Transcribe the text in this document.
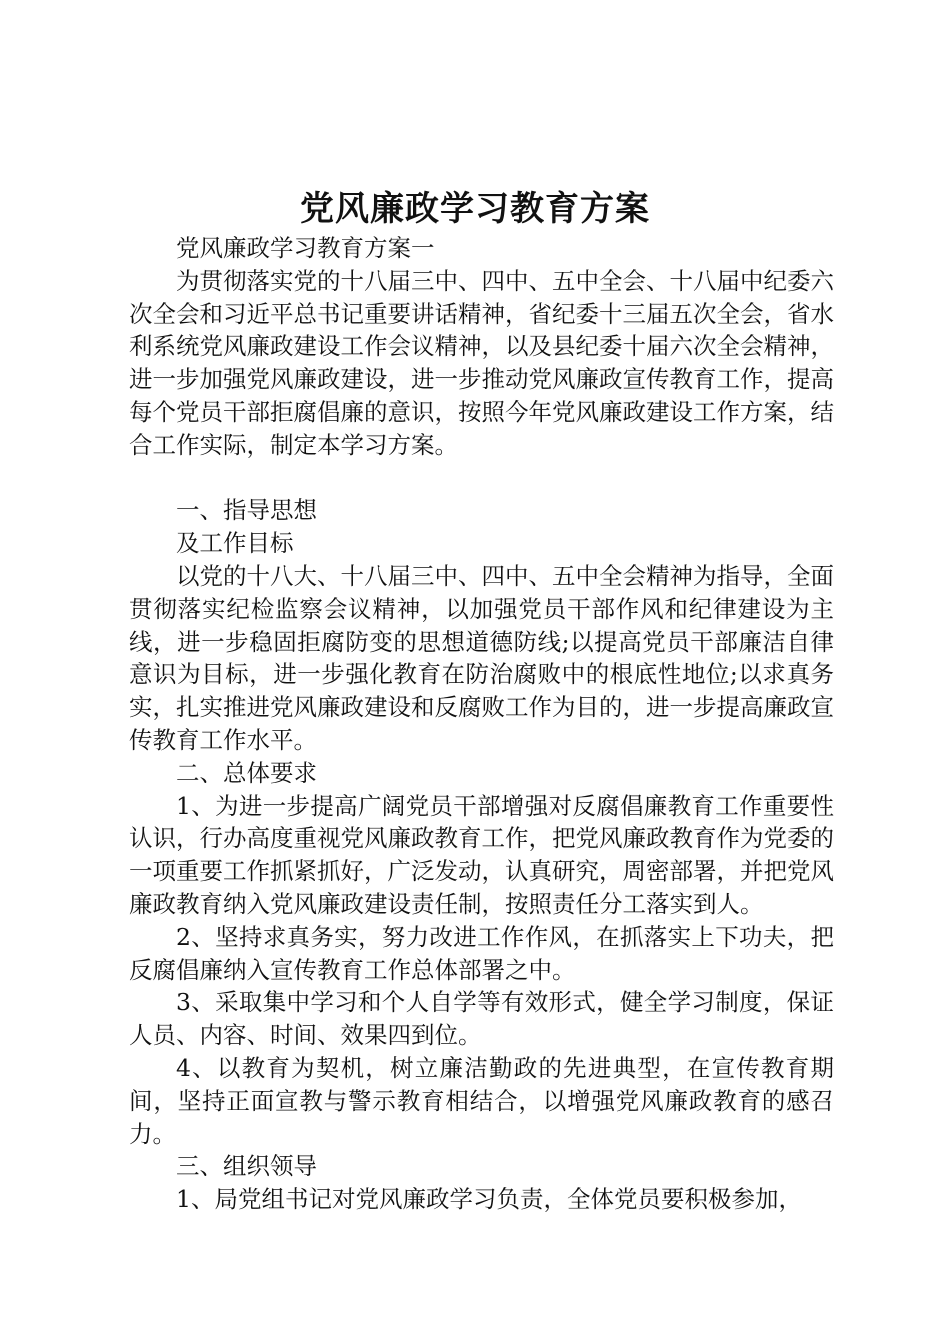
党风廉政学习教育方案

党风廉政学习教育方案一

为贯彻落实党的十八届三中、四中、五中全会、十八届中纪委六次全会和习近平总书记重要讲话精神，省纪委十三届五次全会，省水利系统党风廉政建设工作会议精神，以及县纪委十届六次全会精神，进一步加强党风廉政建设，进一步推动党风廉政宣传教育工作，提高每个党员干部拒腐倡廉的意识，按照今年党风廉政建设工作方案，结合工作实际，制定本学习方案。

一、指导思想

及工作目标

以党的十八大、十八届三中、四中、五中全会精神为指导，全面贯彻落实纪检监察会议精神，以加强党员干部作风和纪律建设为主线，进一步稳固拒腐防变的思想道德防线;以提高党员干部廉洁自律意识为目标，进一步强化教育在防治腐败中的根底性地位;以求真务实，扎实推进党风廉政建设和反腐败工作为目的，进一步提高廉政宣传教育工作水平。

二、总体要求

1、为进一步提高广阔党员干部增强对反腐倡廉教育工作重要性认识，行办高度重视党风廉政教育工作，把党风廉政教育作为党委的一项重要工作抓紧抓好，广泛发动，认真研究，周密部署，并把党风廉政教育纳入党风廉政建设责任制，按照责任分工落实到人。

2、坚持求真务实，努力改进工作作风，在抓落实上下功夫，把反腐倡廉纳入宣传教育工作总体部署之中。

3、采取集中学习和个人自学等有效形式，健全学习制度，保证人员、内容、时间、效果四到位。

4、以教育为契机，树立廉洁勤政的先进典型，在宣传教育期间，坚持正面宣教与警示教育相结合，以增强党风廉政教育的感召力。

三、组织领导

1、局党组书记对党风廉政学习负责，全体党员要积极参加，
